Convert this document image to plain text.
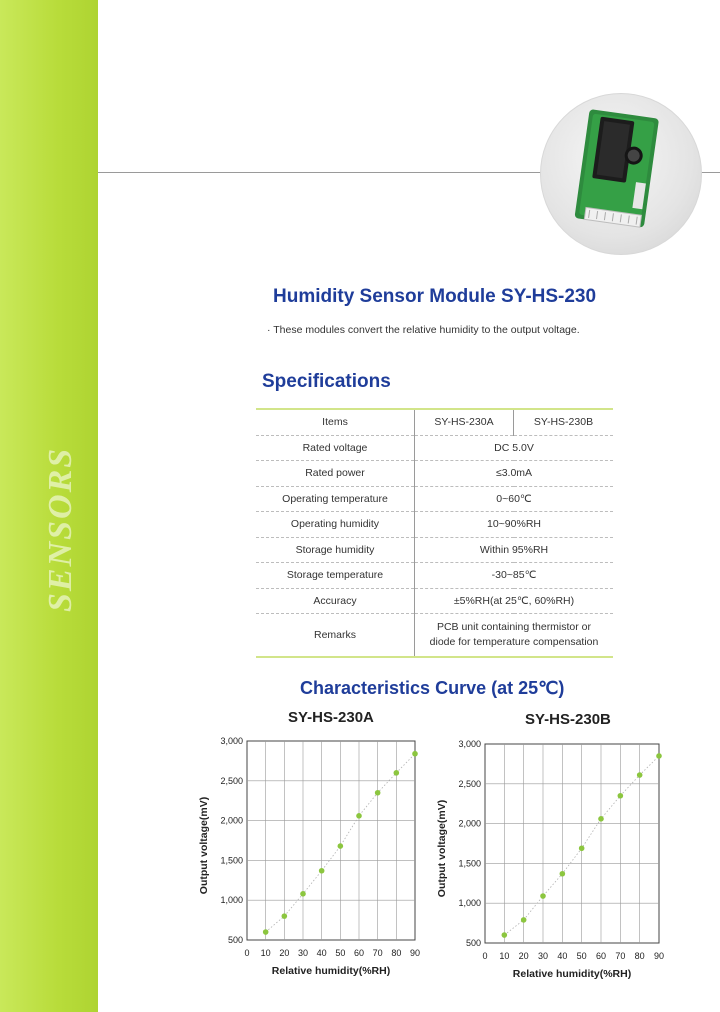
SENSORS
Humidity Sensor Module SY-HS-230
· These modules convert the relative humidity to the output voltage.
Specifications
Items	SY-HS-230A	SY-HS-230B
Rated voltage	DC 5.0V	
Rated power	≤3.0mA	
Operating temperature	0~60℃	
Operating humidity	10~90%RH	
Storage humidity	Within 95%RH	
Storage temperature	-30~85℃	
Accuracy	±5%RH(at 25℃, 60%RH)	
Remarks	PCB unit containing thermistor or
diode for temperature compensation	
Characteristics Curve (at 25℃)
SY-HS-230A	SY-HS-230B
0 10 20 30 40 50 60 70 80 90
500
1,000
1,500
2,000
2,500
3,000
Relative humidity(%RH)
Output voltage(mV)
0 10 20 30 40 50 60 70 80 90
500
1,000
1,500
2,000
2,500
3,000
Relative humidity(%RH)
Output voltage(mV)
